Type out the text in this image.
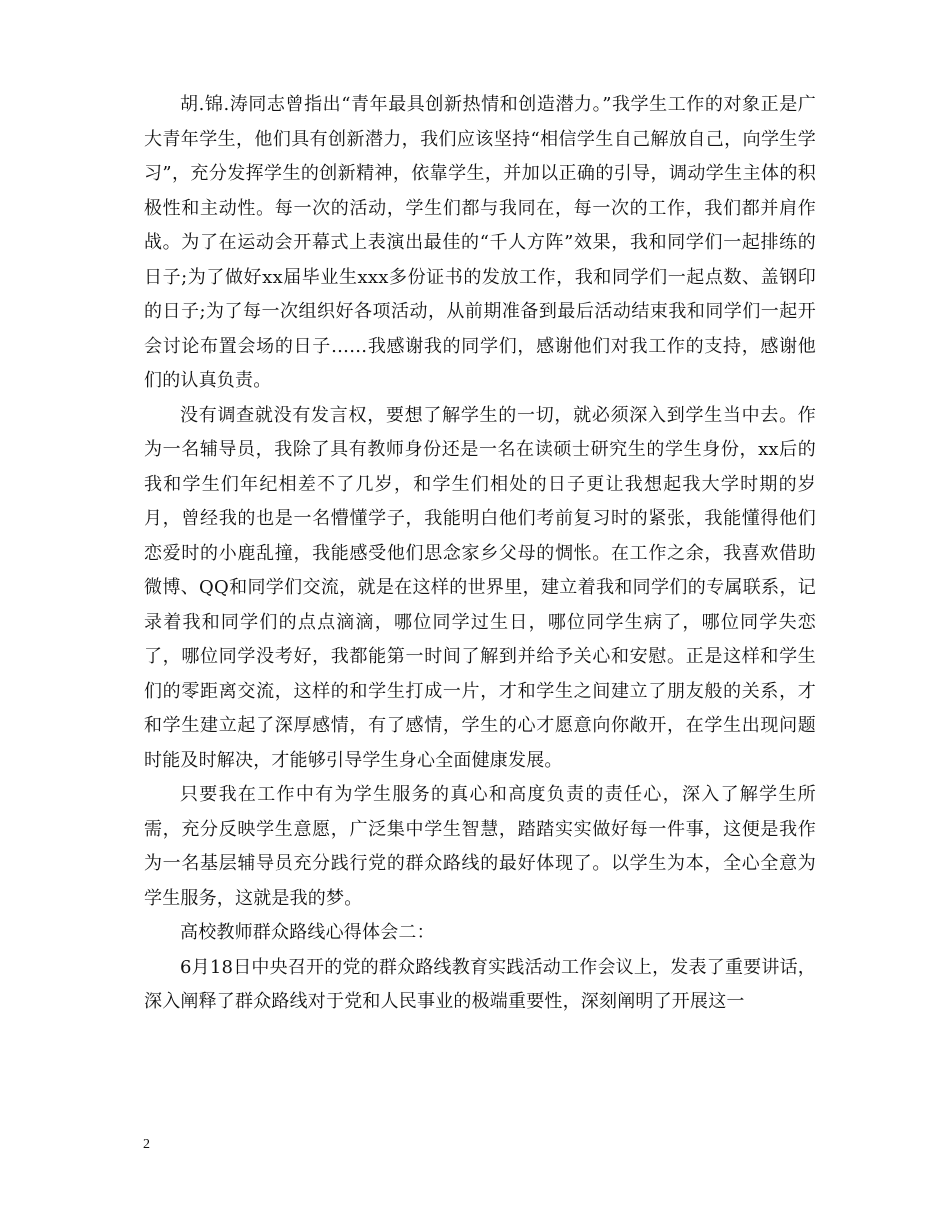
胡.锦.涛同志曾指出“青年最具创新热情和创造潜力。”我学生工作的对象正是广大青年学生，他们具有创新潜力，我们应该坚持“相信学生自己解放自己，向学生学习”，充分发挥学生的创新精神，依靠学生，并加以正确的引导，调动学生主体的积极性和主动性。每一次的活动，学生们都与我同在，每一次的工作，我们都并肩作战。为了在运动会开幕式上表演出最佳的“千人方阵”效果，我和同学们一起排练的日子;为了做好xx届毕业生xxx多份证书的发放工作，我和同学们一起点数、盖钢印的日子;为了每一次组织好各项活动，从前期准备到最后活动结束我和同学们一起开会讨论布置会场的日子……我感谢我的同学们，感谢他们对我工作的支持，感谢他们的认真负责。

没有调查就没有发言权，要想了解学生的一切，就必须深入到学生当中去。作为一名辅导员，我除了具有教师身份还是一名在读硕士研究生的学生身份，xx后的我和学生们年纪相差不了几岁，和学生们相处的日子更让我想起我大学时期的岁月，曾经我的也是一名懵懂学子，我能明白他们考前复习时的紧张，我能懂得他们恋爱时的小鹿乱撞，我能感受他们思念家乡父母的惆怅。在工作之余，我喜欢借助微博、QQ和同学们交流，就是在这样的世界里，建立着我和同学们的专属联系，记录着我和同学们的点点滴滴，哪位同学过生日，哪位同学生病了，哪位同学失恋了，哪位同学没考好，我都能第一时间了解到并给予关心和安慰。正是这样和学生们的零距离交流，这样的和学生打成一片，才和学生之间建立了朋友般的关系，才和学生建立起了深厚感情，有了感情，学生的心才愿意向你敞开，在学生出现问题时能及时解决，才能够引导学生身心全面健康发展。

只要我在工作中有为学生服务的真心和高度负责的责任心，深入了解学生所需，充分反映学生意愿，广泛集中学生智慧，踏踏实实做好每一件事，这便是我作为一名基层辅导员充分践行党的群众路线的最好体现了。以学生为本，全心全意为学生服务，这就是我的梦。

高校教师群众路线心得体会二：

6月18日中央召开的党的群众路线教育实践活动工作会议上，发表了重要讲话，深入阐释了群众路线对于党和人民事业的极端重要性，深刻阐明了开展这一

2
